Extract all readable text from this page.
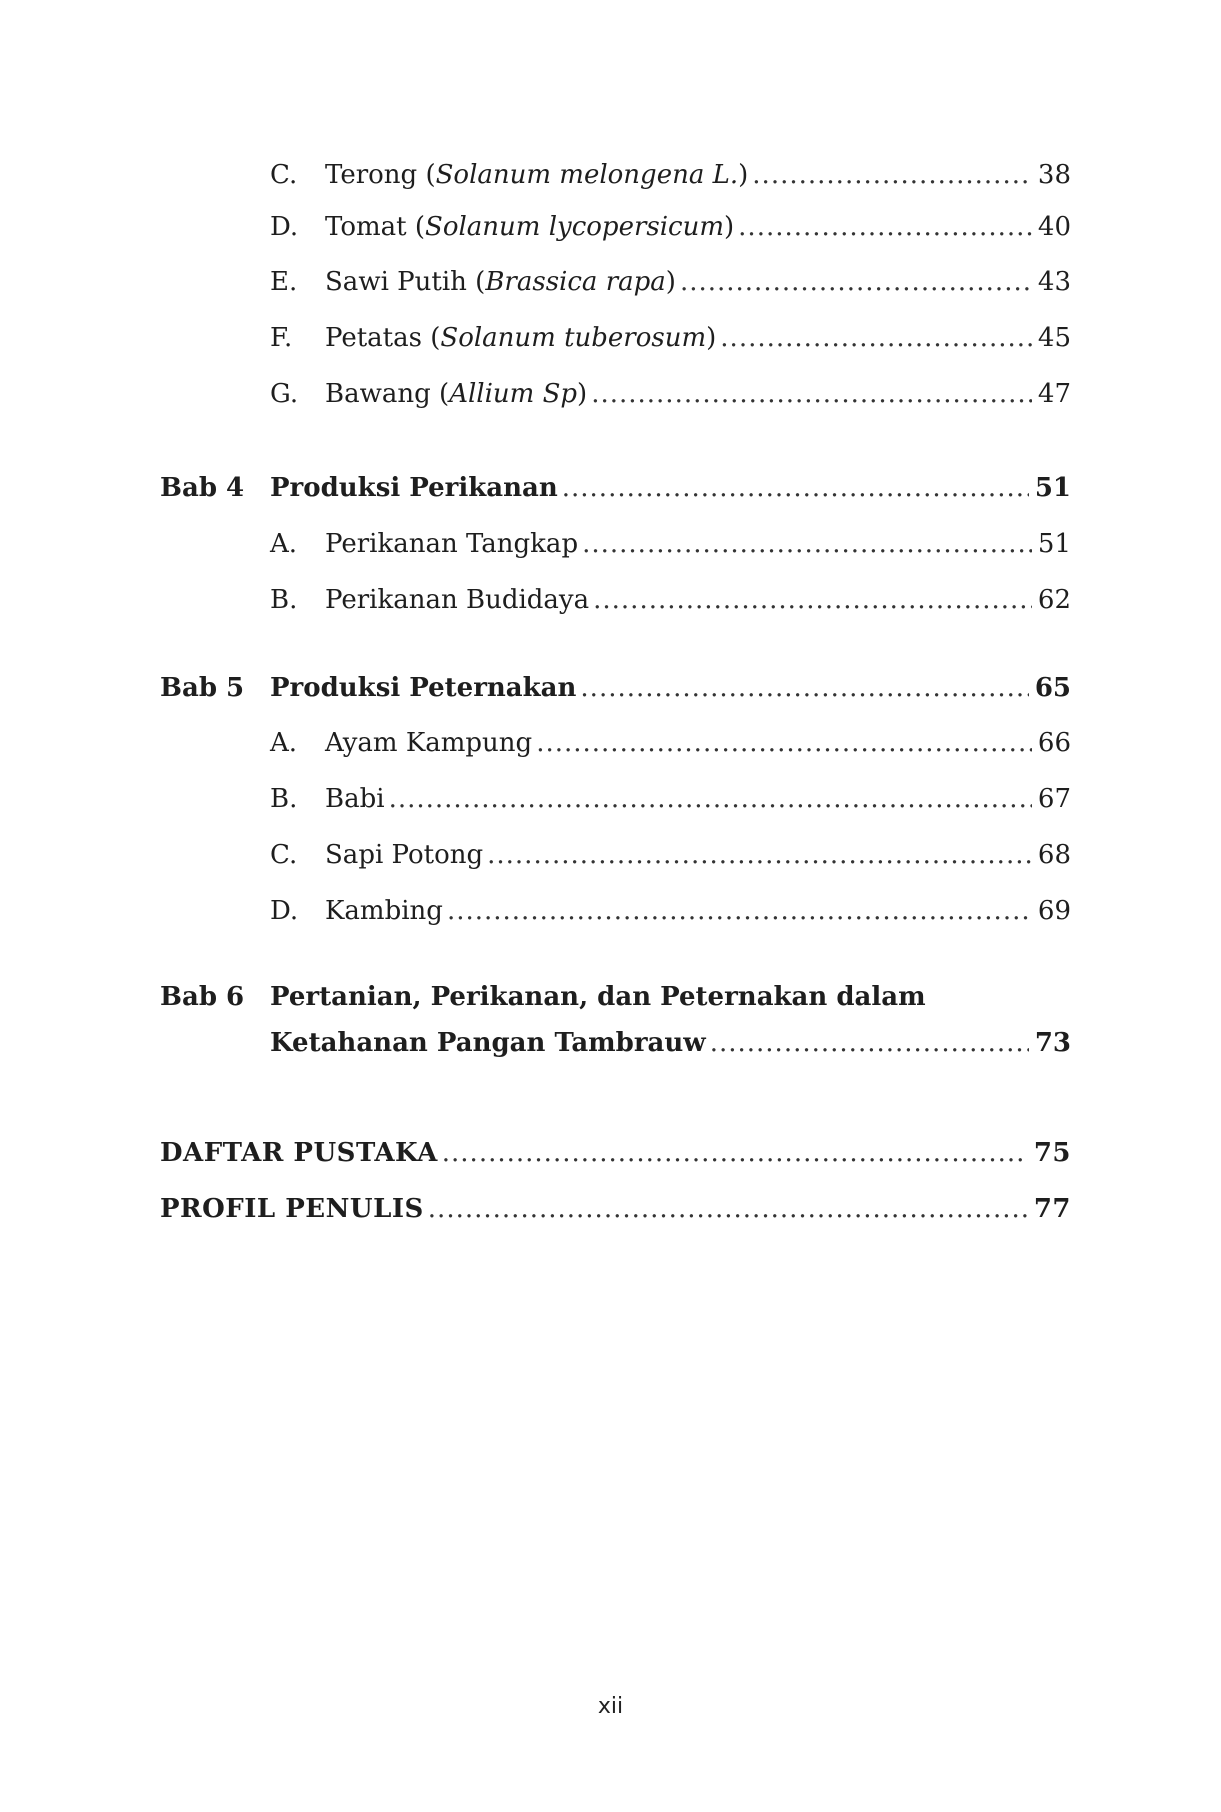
C. Terong (Solanum melongena L.) .....	38
D. Tomat (Solanum lycopersicum) .....	40
E. Sawi Putih (Brassica rapa) .....	43
F. Petatas (Solanum tuberosum) .....	45
G. Bawang (Allium Sp) .....	47
Bab 4 Produksi Perikanan .....	51
A. Perikanan Tangkap .....	51
B. Perikanan Budidaya .....	62
Bab 5 Produksi Peternakan .....	65
A. Ayam Kampung .....	66
B. Babi .....	67
C. Sapi Potong .....	68
D. Kambing .....	69
Bab 6 Pertanian, Perikanan, dan Peternakan dalam
Ketahanan Pangan Tambrauw .....	73
DAFTAR PUSTAKA .....	75
PROFIL PENULIS .....	77
xii
